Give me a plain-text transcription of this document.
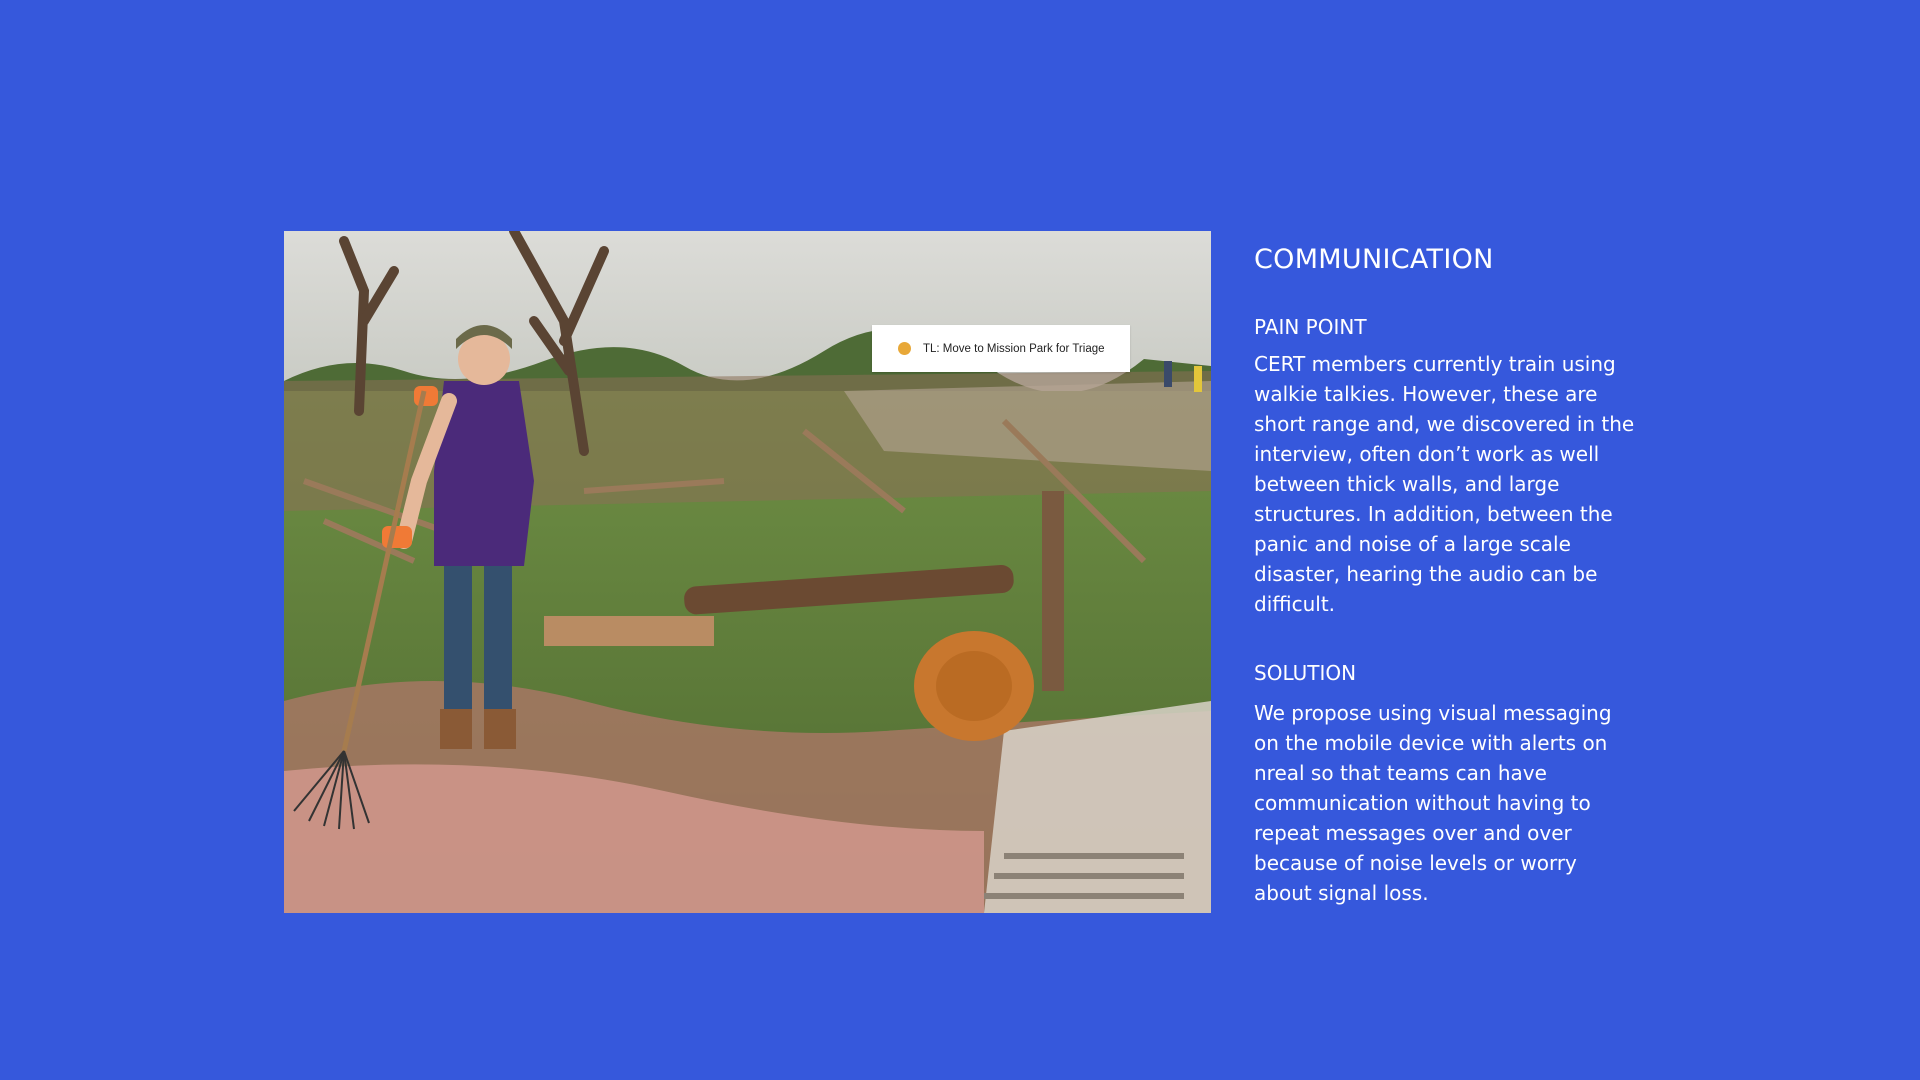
TL: Move to Mission Park for Triage
COMMUNICATION
PAIN POINT

CERT members currently train using walkie talkies. However, these are short range and, we discovered in the interview, often don’t work as well between thick walls, and large structures. In addition, between the panic and noise of a large scale disaster, hearing the audio can be difficult.

SOLUTION

We propose using visual messaging on the mobile device with alerts on nreal so that teams can have communication without having to repeat messages over and over because of noise levels or worry about signal loss.
